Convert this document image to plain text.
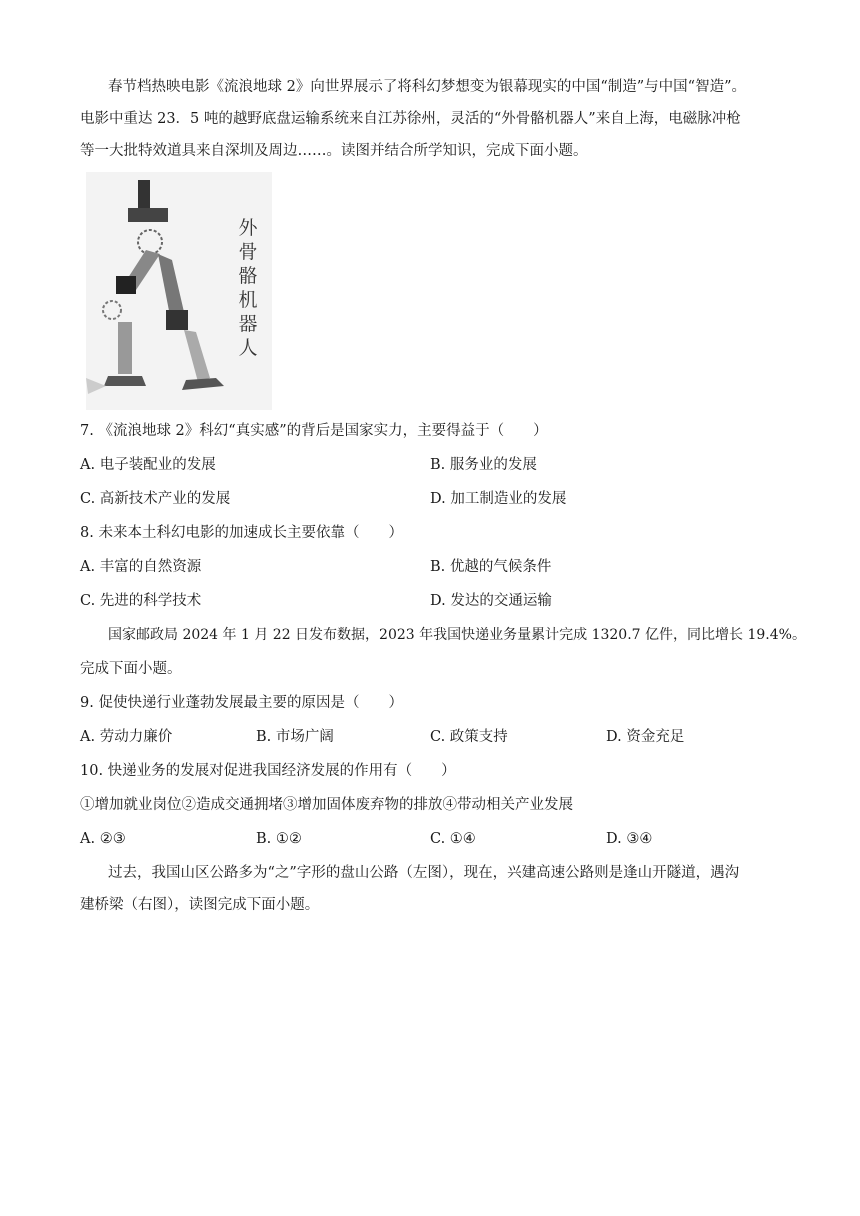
春节档热映电影《流浪地球 2》向世界展示了将科幻梦想变为银幕现实的中国“制造”与中国“智造”。
电影中重达 23．5 吨的越野底盘运输系统来自江苏徐州，灵活的“外骨骼机器人”来自上海，电磁脉冲枪
等一大批特效道具来自深圳及周边……。读图并结合所学知识，完成下面小题。
外
骨
骼
机
器
人
7. 《流浪地球 2》科幻“真实感”的背后是国家实力，主要得益于（　　）
A. 电子装配业的发展	B. 服务业的发展
C. 高新技术产业的发展	D. 加工制造业的发展
8. 未来本土科幻电影的加速成长主要依靠（　　）
A. 丰富的自然资源	B. 优越的气候条件
C. 先进的科学技术	D. 发达的交通运输
国家邮政局 2024 年 1 月 22 日发布数据，2023 年我国快递业务量累计完成 1320.7 亿件，同比增长 19.4%。
完成下面小题。
9. 促使快递行业蓬勃发展最主要的原因是（　　）
A. 劳动力廉价	B. 市场广阔	C. 政策支持	D. 资金充足
10. 快递业务的发展对促进我国经济发展的作用有（　　）
①增加就业岗位②造成交通拥堵③增加固体废弃物的排放④带动相关产业发展
A. ②③	B. ①②	C. ①④	D. ③④
过去，我国山区公路多为“之”字形的盘山公路（左图），现在，兴建高速公路则是逢山开隧道，遇沟
建桥梁（右图），读图完成下面小题。
